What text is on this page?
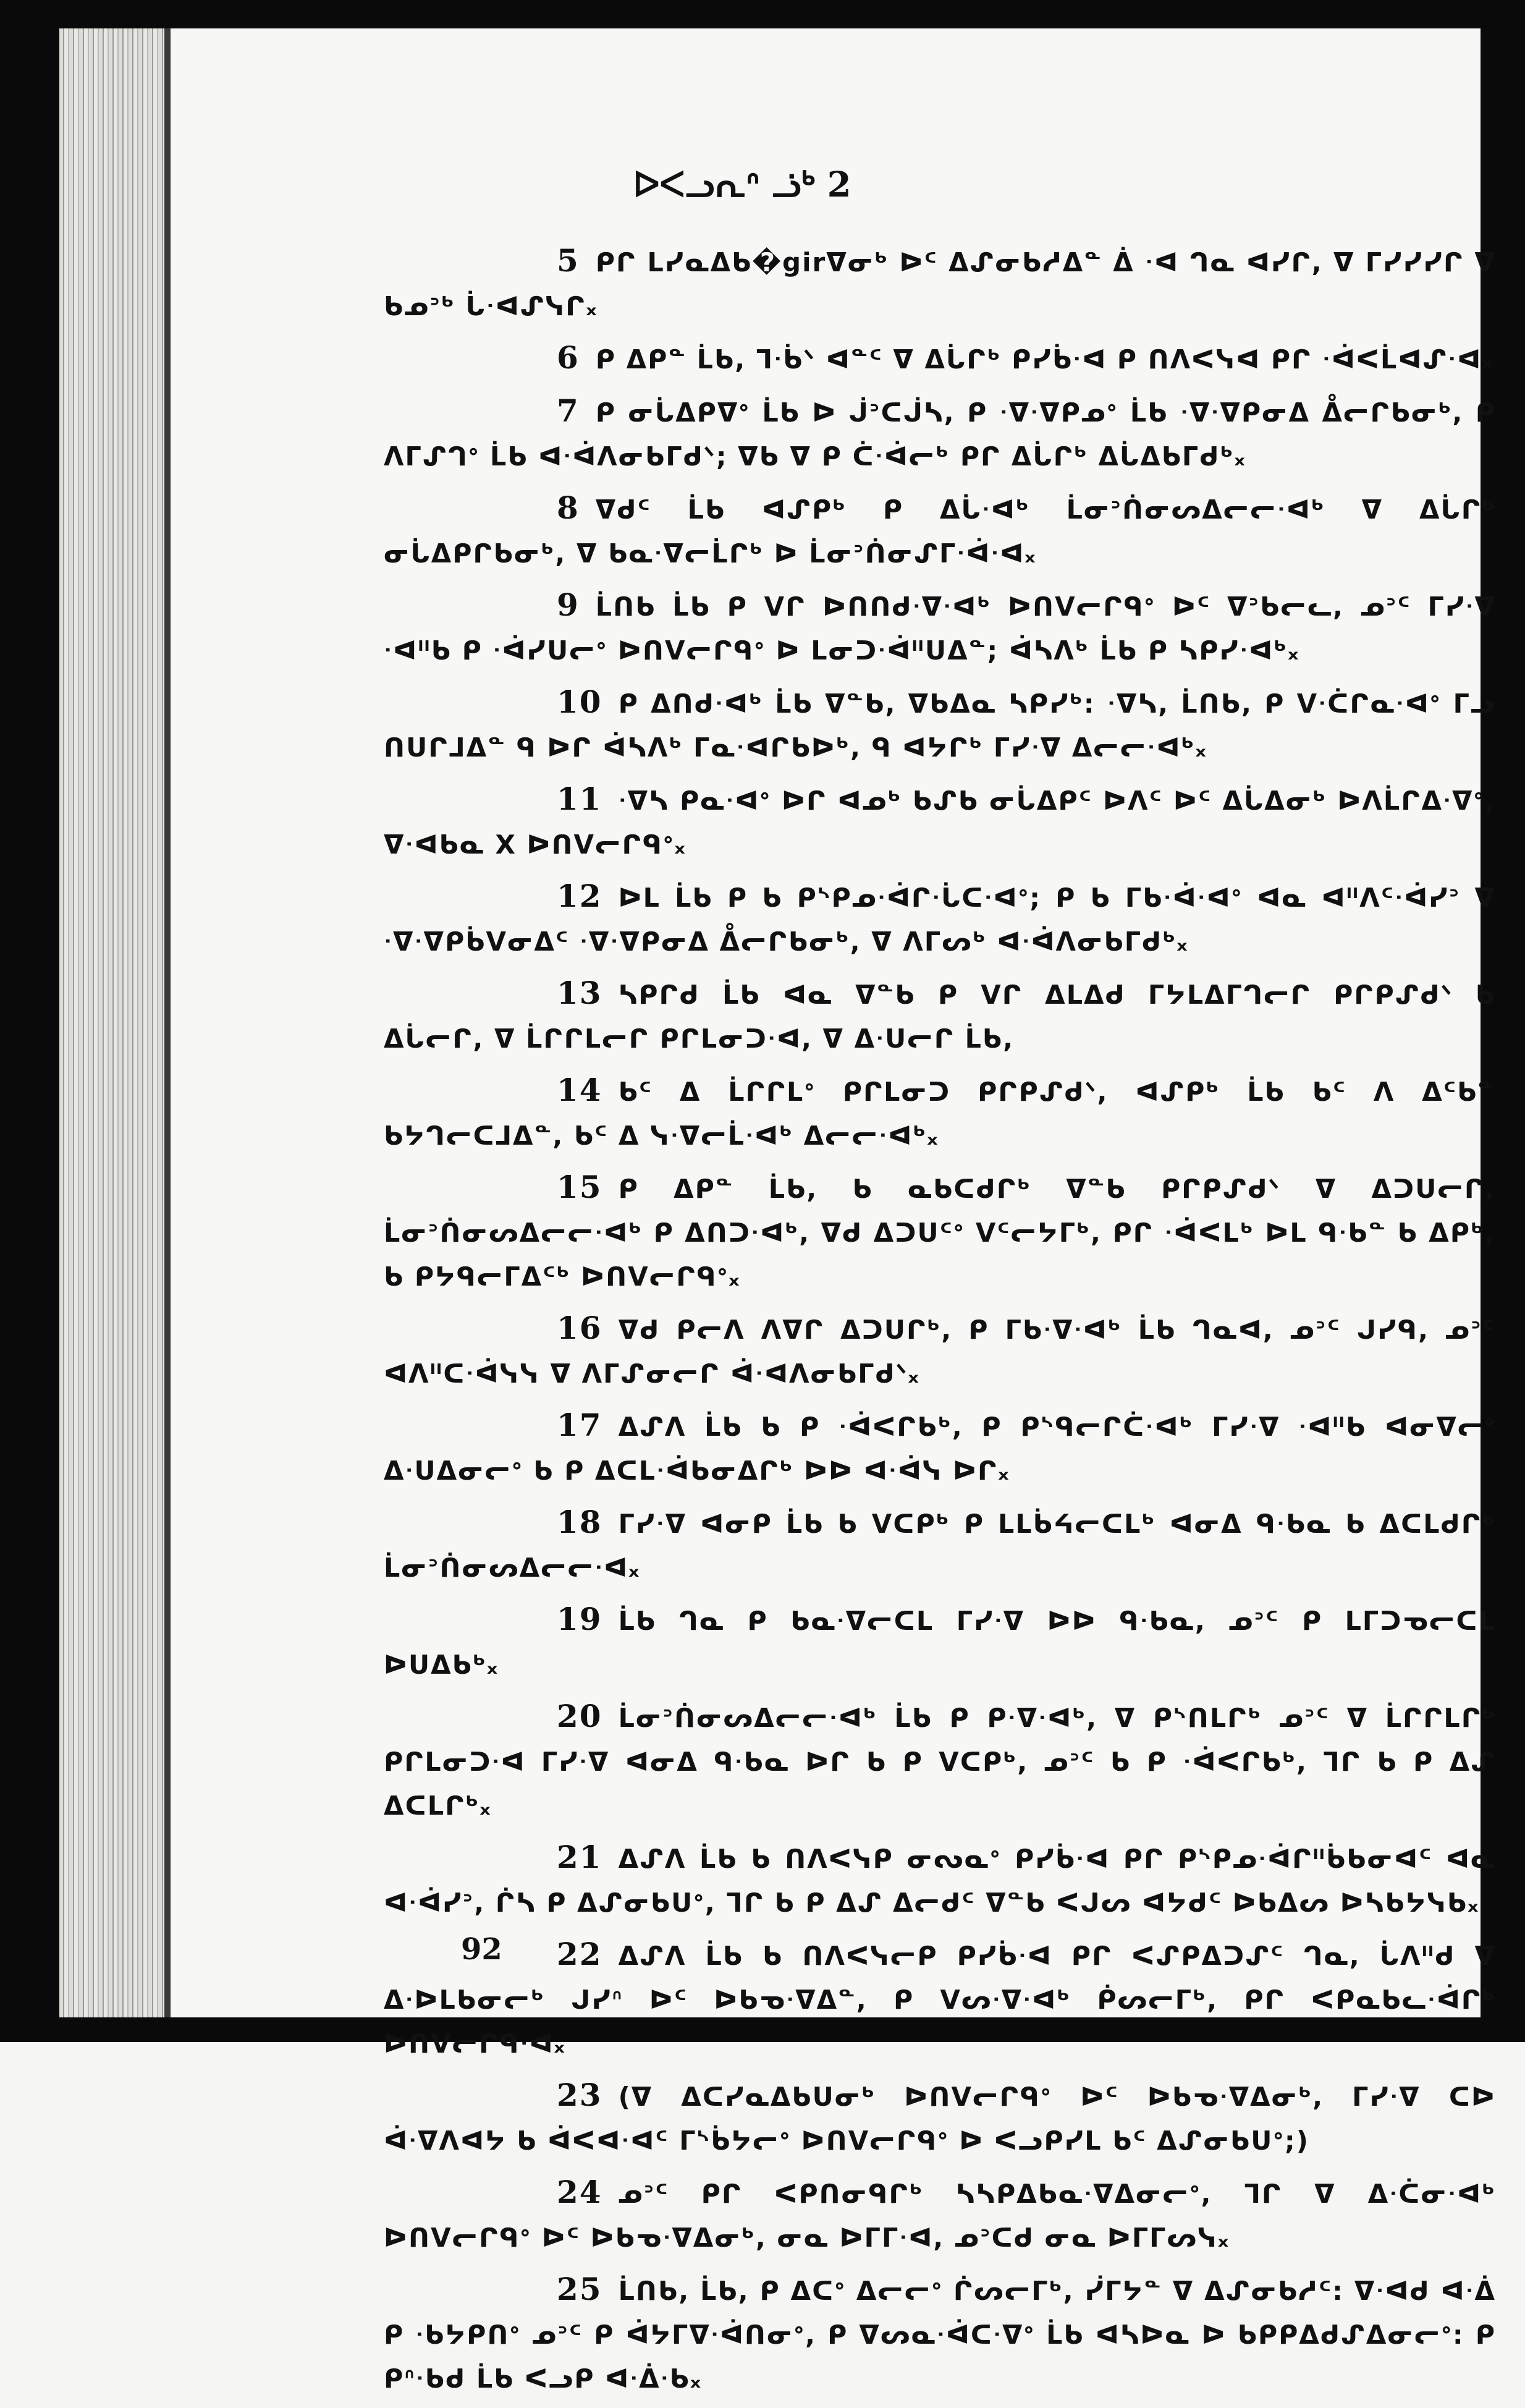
ᐅᐸᓗᕆᐢ ᓘᒃ 2

5 ᑭᒋ ᒪᓯᓇᐃᑲ�girᐁᓂᒃ ᐅᑦ ᐃᔑᓂᑲᓱᐃᓐ ᐄ ᐧᐊ ᒉᓇ ᐊᓯᒋ, ᐁ ᒥᓯᓯᓯᒋ ᐁ ᑲᓄᐣᒃ ᒑᐧᐊᔑᓭᒋₓ

6 ᑭ ᐃᑭᓐ ᒫᑲ, ᒣᐧᑳᐠ ᐊᓐᑦ ᐁ ᐃᒑᒋᒃ ᑭᓯᑳᐧᐊ ᑭ ᑎᐱᐸᓭᐊ ᑭᒋ ᐧᐋᐸᒫᐊᔑᐧᐊₓ

7 ᑭ ᓂᒑᐃᑭᐁᐤ ᒫᑲ ᐅ ᒎᐣᑕᒎᓴ, ᑭ ᐧᐁᐧᐁᑭᓄᐤ ᒫᑲ ᐧᐁᐧᐁᑭᓂᐃ ᐂᓕᒋᑲᓂᒃ, ᑭ ᐱᒥᔑᒉᐤ ᒫᑲ ᐊᐧᐋᐱᓂᑲᒥᑯᐠ; ᐁᑲ ᐁ ᑭ ᑖᐧᐋᓕᒃ ᑭᒋ ᐃᒑᒋᒃ ᐃᒑᐃᑲᒥᑯᒃₓ

8 ᐁᑯᑦ ᒫᑲ ᐊᔑᑭᒃ ᑭ ᐃᒑᐧᐊᒃ ᒫᓂᐣᑏᓂᔕᐃᓕᓕᐧᐊᒃ ᐁ ᐃᒑᒋᒃ ᓂᒑᐃᑭᒋᑲᓂᒃ, ᐁ ᑲᓇᐧᐁᓕᒫᒋᒃ ᐅ ᒫᓂᐣᑏᓂᔑᒥᐧᐋᐧᐊₓ

9 ᒫᑎᑲ ᒫᑲ ᑭ ᐯᒋ ᐅᑎᑎᑯᐧᐁᐧᐊᒃ ᐅᑎᐯᓕᒋᑫᐤ ᐅᑦ ᐁᐣᑲᓕᓚ, ᓄᐣᑦ ᒥᓯᐧᐁ ᐧᐊᐦᑲ ᑭ ᐧᐋᓯᑌᓕᐤ ᐅᑎᐯᓕᒋᑫᐤ ᐅ ᒪᓂᑐᐧᐋᐦᑌᐃᓐ; ᐋᓴᐱᒃ ᒫᑲ ᑭ ᓴᑭᓯᐧᐊᒃₓ

10 ᑭ ᐃᑎᑯᐧᐊᒃ ᒫᑲ ᐁᓐᑲ, ᐁᑲᐃᓇ ᓴᑭᓯᒃ: ᐧᐁᓴ, ᒫᑎᑲ, ᑭ ᐯᐧᑖᒋᓇᐧᐊᐤ ᒥᓗ ᑎᑌᒋᒧᐃᓐ ᑫ ᐅᒋ ᐋᓴᐱᒃ ᒥᓇᐧᐊᒋᑲᐅᒃ, ᑫ ᐊᔭᒋᒃ ᒥᓯᐧᐁ ᐃᓕᓕᐧᐊᒃₓ

11 ᐧᐁᓴ ᑭᓇᐧᐊᐤ ᐅᒋ ᐊᓄᒃ ᑲᔑᑲ ᓂᒑᐃᑭᑦ ᐅᐱᑦ ᐅᑦ ᐃᒑᐃᓂᒃ ᐅᐱᒫᒋᐃᐧᐁᐤ, ᐁᐧᐊᑲᓇ X ᐅᑎᐯᓕᒋᑫᐤₓ

12 ᐅᒪ ᒫᑲ ᑭ ᑲ ᑭᔅᑭᓄᐧᐋᒋᐧᒑᑕᐧᐊᐤ; ᑭ ᑲ ᒥᑲᐧᐋᐧᐊᐤ ᐊᓇ ᐊᐦᐱᑦᐧᐋᓯᐣ ᐁ ᐧᐁᐧᐁᑭᑳᐯᓂᐃᑦ ᐧᐁᐧᐁᑭᓂᐃ ᐂᓕᒋᑲᓂᒃ, ᐁ ᐱᒥᔕᒃ ᐊᐧᐋᐱᓂᑲᒥᑯᒃₓ

13 ᓴᑭᒋᑯ ᒫᑲ ᐊᓇ ᐁᓐᑲ ᑭ ᐯᒋ ᐃᒪᐃᑯ ᒥᔭᒪᐃᒥᒉᓕᒋ ᑭᒋᑭᔑᑯᐠ ᑲ ᐃᒑᓕᒋ, ᐁ ᒫᒋᒋᒪᓕᒋ ᑭᒋᒪᓂᑐᐧᐊ, ᐁ ᐃᐧᑌᓕᒋ ᒫᑲ,

14 ᑲᑦ ᐃ ᒫᒋᒋᒪᐤ ᑭᒋᒪᓂᑐ ᑭᒋᑭᔑᑯᐠ, ᐊᔑᑭᒃ ᒫᑲ ᑲᑦ ᐱ ᐃᑦᑲᓐ ᑲᔭᒉᓕᑕᒧᐃᓐ, ᑲᑦ ᐃ ᓭᐧᐁᓕᒫᐧᐊᒃ ᐃᓕᓕᐧᐊᒃₓ

15 ᑭ ᐃᑭᓐ ᒫᑲ, ᑲ ᓇᑲᑕᑯᒋᒃ ᐁᓐᑲ ᑭᒋᑭᔑᑯᐠ ᐁ ᐃᑐᑌᓕᒋ, ᒫᓂᐣᑏᓂᔕᐃᓕᓕᐧᐊᒃ ᑭ ᐃᑎᑐᐧᐊᒃ, ᐁᑯ ᐃᑐᑌᑦᐤ ᐯᑦᓕᔭᒥᒃ, ᑭᒋ ᐧᐋᐸᒪᒃ ᐅᒪ ᑫᐧᑲᓐ ᑲ ᐃᑭᒃ, ᑲ ᑭᔭᑫᓕᒥᐃᑦᒃ ᐅᑎᐯᓕᒋᑫᐤₓ

16 ᐁᑯ ᑭᓕᐱ ᐱᐁᒋ ᐃᑐᑌᒋᒃ, ᑭ ᒥᑲᐧᐁᐧᐊᒃ ᒫᑲ ᒉᓇᐊ, ᓄᐣᑦ ᒍᓯᑫ, ᓄᐣᑦ ᐊᐱᐦᑕᐧᐋᓭᓭ ᐁ ᐱᒥᔑᓂᓕᒋ ᐋᐧᐊᐱᓂᑲᒥᑯᐠₓ

17 ᐃᔑᐱ ᒫᑲ ᑲ ᑭ ᐧᐋᐸᒋᑲᒃ, ᑭ ᑭᔅᑫᓕᒋᑖᐧᐊᒃ ᒥᓯᐧᐁ ᐧᐊᐦᑲ ᐊᓂᐁᓕᐤ ᐃᐧᑌᐃᓂᓕᐤ ᑲ ᑭ ᐃᑕᒪᐧᐋᑲᓂᐃᒋᒃ ᐅᐅ ᐊᐧᐋᓭ ᐅᒋₓ

18 ᒥᓯᐧᐁ ᐊᓂᑭ ᒫᑲ ᑲ ᐯᑕᑭᒃ ᑭ ᒪᒪᑳᔦᓕᑕᒪᒃ ᐊᓂᐃ ᑫᐧᑲᓇ ᑲ ᐃᑕᒪᑯᒋᒃ ᒫᓂᐣᑏᓂᔕᐃᓕᓕᐧᐊₓ

19 ᒫᑲ ᒉᓇ ᑭ ᑲᓇᐧᐁᓕᑕᒪ ᒥᓯᐧᐁ ᐅᐅ ᑫᐧᑲᓇ, ᓄᐣᑦ ᑭ ᒪᒥᑐᓀᓕᑕᒪ ᐅᑌᐃᑲᒃₓ

20 ᒫᓂᐣᑏᓂᔕᐃᓕᓕᐧᐊᒃ ᒫᑲ ᑭ ᑭᐧᐁᐧᐊᒃ, ᐁ ᑭᔅᑎᒪᒋᒃ ᓄᐣᑦ ᐁ ᒫᒋᒋᒪᒋᒃ ᑭᒋᒪᓂᑐᐧᐊ ᒥᓯᐧᐁ ᐊᓂᐃ ᑫᐧᑲᓇ ᐅᒋ ᑲ ᑭ ᐯᑕᑭᒃ, ᓄᐣᑦ ᑲ ᑭ ᐧᐋᐸᒋᑲᒃ, ᒣᒋ ᑲ ᑭ ᐃᔑ ᐃᑕᒪᒋᒃₓ

21 ᐃᔑᐱ ᒫᑲ ᑲ ᑎᐱᐸᓭᑭ ᓂᔓᓇᐤ ᑭᓯᑳᐧᐊ ᑭᒋ ᑭᔅᑭᓄᐧᐋᒋᐦᑳᑲᓂᐊᑦ ᐊᓇ ᐊᐧᐋᓯᐣ, ᒌᓴ ᑭ ᐃᔑᓂᑲᑌᐤ, ᒣᒋ ᑲ ᑭ ᐃᔑ ᐃᓕᑯᑦ ᐁᓐᑲ ᐸᒍᔕ ᐊᔭᑯᑦ ᐅᑲᐃᔕ ᐅᓴᑲᔭᓭᑲₓ

22 ᐃᔑᐱ ᒫᑲ ᑲ ᑎᐱᐸᓭᓕᑭ ᑭᓯᑳᐧᐊ ᑭᒋ ᐸᔑᑭᐃᑐᔑᑦ ᒉᓇ, ᒑᐱᐦᑯ ᐁ ᐃᐧᐅᒪᑲᓂᓕᒃ ᒍᓯᐢ ᐅᑦ ᐅᑲᓀᐧᐁᐃᓐ, ᑭ ᐯᔕᐧᐁᐧᐊᒃ ᑮᔕᓕᒥᒃ, ᑭᒋ ᐸᑭᓇᑲᓚᐧᐋᒋᒃ ᐅᑎᐯᓕᒋᑫᐧᐊₓ

23 (ᐁ ᐃᑕᓯᓇᐃᑲᑌᓂᒃ ᐅᑎᐯᓕᒋᑫᐤ ᐅᑦ ᐅᑲᓀᐧᐁᐃᓂᒃ, ᒥᓯᐧᐁ ᑕᐅ ᐋᐧᐁᐱᐊᔭ ᑲ ᐋᐸᐊᐧᐊᑦ ᒥᔅᑳᔭᓕᐤ ᐅᑎᐯᓕᒋᑫᐤ ᐅ ᐸᓗᑭᓯᒪ ᑲᑦ ᐃᔑᓂᑲᑌᐤ;)

24 ᓄᐣᑦ ᑭᒋ ᐸᑭᑎᓂᑫᒋᒃ ᓴᓴᑭᐃᑲᓇᐧᐁᐃᓂᓕᐤ, ᒣᒋ ᐁ ᐃᐧᑖᓂᐧᐊᒃ ᐅᑎᐯᓕᒋᑫᐤ ᐅᑦ ᐅᑲᓀᐧᐁᐃᓂᒃ, ᓂᓇ ᐅᒥᒥᐧᐊ, ᓄᐣᑕᑯ ᓂᓇ ᐅᒥᒥᔕᓭₓ

25 ᒫᑎᑲ, ᒫᑲ, ᑭ ᐃᑕᐤ ᐃᓕᓕᐤ ᒌᔕᓕᒥᒃ, ᓰᒥᔭᓐ ᐁ ᐃᔑᓂᑲᓱᑦ: ᐁᐧᐊᑯ ᐊᐧᐄ ᑭ ᐧᑲᔭᑭᑎᐤ ᓄᐣᑦ ᑭ ᐋᔭᒥᐁᐧᐋᑎᓂᐤ, ᑭ ᐁᔕᓇᐧᐋᑕᐧᐁᐤ ᒫᑲ ᐊᓴᐅᓇ ᐅ ᑲᑭᑭᐃᑯᔑᐃᓂᓕᐤ: ᑭ ᑭᐢᐧᑲᑯ ᒫᑲ ᐸᓗᑭ ᐊᐧᐄᐧᑲₓ

92
